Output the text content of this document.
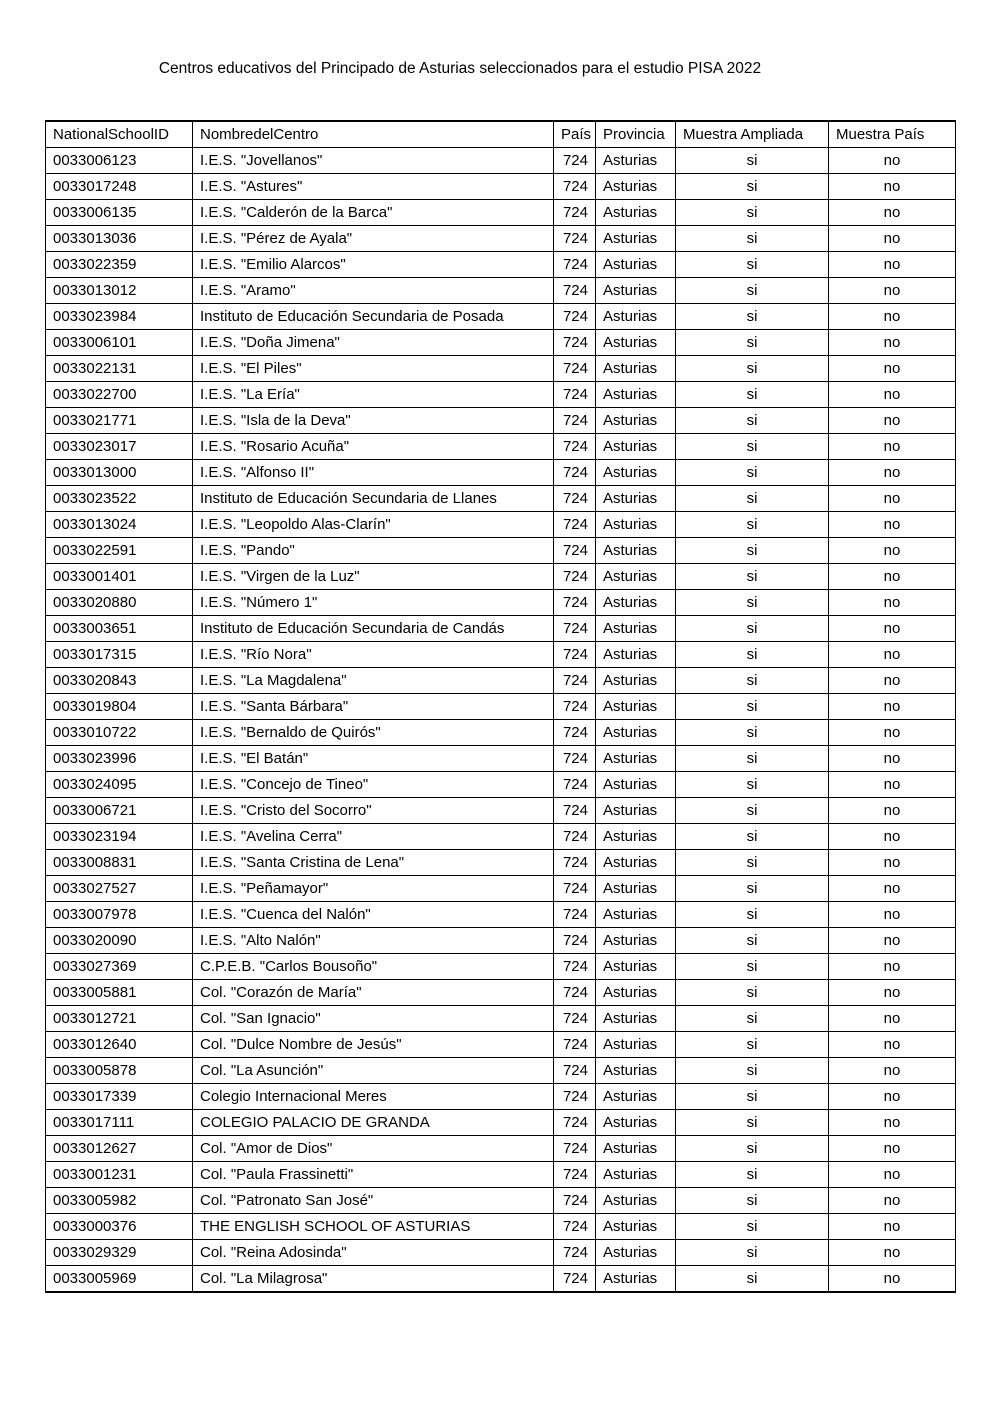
Centros educativos del Principado de Asturias seleccionados para el estudio PISA 2022
NationalSchoolID	NombredelCentro	País	Provincia	Muestra Ampliada	Muestra País
0033006123	I.E.S. "Jovellanos"	724	Asturias	si	no
0033017248	I.E.S. "Astures"	724	Asturias	si	no
0033006135	I.E.S. "Calderón de la Barca"	724	Asturias	si	no
0033013036	I.E.S. "Pérez de Ayala"	724	Asturias	si	no
0033022359	I.E.S. "Emilio Alarcos"	724	Asturias	si	no
0033013012	I.E.S. "Aramo"	724	Asturias	si	no
0033023984	Instituto de Educación Secundaria de Posada	724	Asturias	si	no
0033006101	I.E.S. "Doña Jimena"	724	Asturias	si	no
0033022131	I.E.S. "El Piles"	724	Asturias	si	no
0033022700	I.E.S. "La Ería"	724	Asturias	si	no
0033021771	I.E.S. "Isla de la Deva"	724	Asturias	si	no
0033023017	I.E.S. "Rosario Acuña"	724	Asturias	si	no
0033013000	I.E.S. "Alfonso II"	724	Asturias	si	no
0033023522	Instituto de Educación Secundaria de Llanes	724	Asturias	si	no
0033013024	I.E.S. "Leopoldo Alas-Clarín"	724	Asturias	si	no
0033022591	I.E.S. "Pando"	724	Asturias	si	no
0033001401	I.E.S. "Virgen de la Luz"	724	Asturias	si	no
0033020880	I.E.S. "Número 1"	724	Asturias	si	no
0033003651	Instituto de Educación Secundaria de Candás	724	Asturias	si	no
0033017315	I.E.S. "Río Nora"	724	Asturias	si	no
0033020843	I.E.S. "La Magdalena"	724	Asturias	si	no
0033019804	I.E.S. "Santa Bárbara"	724	Asturias	si	no
0033010722	I.E.S. "Bernaldo de Quirós"	724	Asturias	si	no
0033023996	I.E.S. "El Batán"	724	Asturias	si	no
0033024095	I.E.S. "Concejo de Tineo"	724	Asturias	si	no
0033006721	I.E.S. "Cristo del Socorro"	724	Asturias	si	no
0033023194	I.E.S. "Avelina Cerra"	724	Asturias	si	no
0033008831	I.E.S. "Santa Cristina de Lena"	724	Asturias	si	no
0033027527	I.E.S. "Peñamayor"	724	Asturias	si	no
0033007978	I.E.S. "Cuenca del Nalón"	724	Asturias	si	no
0033020090	I.E.S. "Alto Nalón"	724	Asturias	si	no
0033027369	C.P.E.B. "Carlos Bousoño"	724	Asturias	si	no
0033005881	Col. "Corazón de María"	724	Asturias	si	no
0033012721	Col. "San Ignacio"	724	Asturias	si	no
0033012640	Col. "Dulce Nombre de Jesús"	724	Asturias	si	no
0033005878	Col. "La Asunción"	724	Asturias	si	no
0033017339	Colegio Internacional Meres	724	Asturias	si	no
0033017111	COLEGIO PALACIO DE GRANDA	724	Asturias	si	no
0033012627	Col. "Amor de Dios"	724	Asturias	si	no
0033001231	Col. "Paula Frassinetti"	724	Asturias	si	no
0033005982	Col. "Patronato San José"	724	Asturias	si	no
0033000376	THE ENGLISH SCHOOL OF ASTURIAS	724	Asturias	si	no
0033029329	Col. "Reina Adosinda"	724	Asturias	si	no
0033005969	Col. "La Milagrosa"	724	Asturias	si	no
